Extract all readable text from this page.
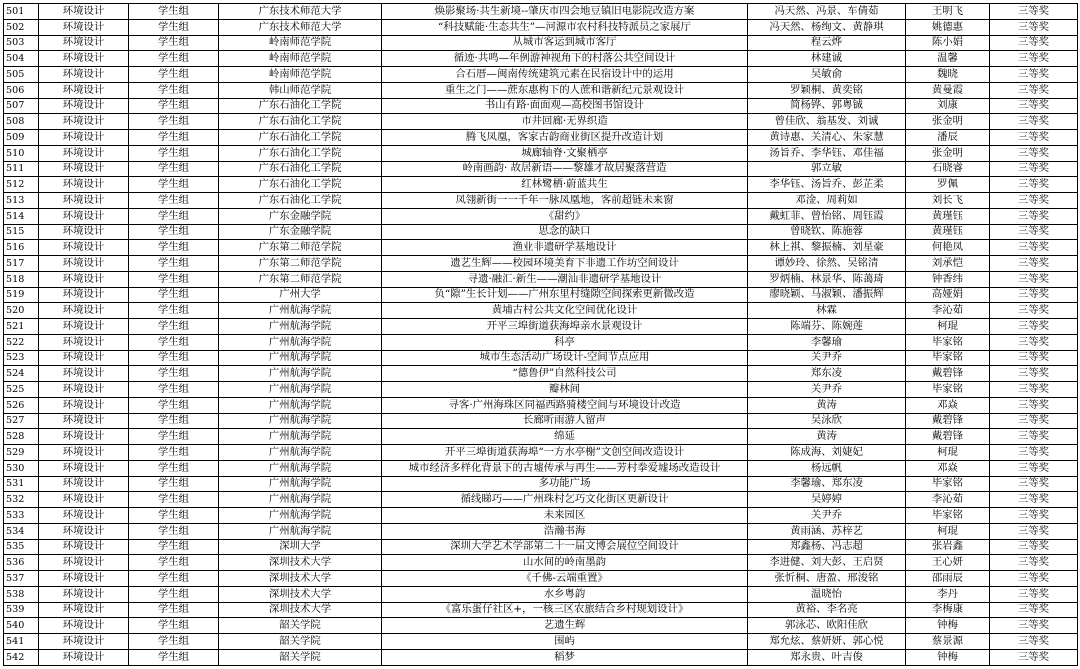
501	环境设计	学生组	广东技术师范大学	焕影聚场·共生新境--肇庆市四会地豆镇旧电影院改造方案	冯天然、冯景、车倩茹	王明飞	三等奖
502	环境设计	学生组	广东技术师范大学	“科技赋能·生态共生”—河源市农村科技特派员之家展厅	冯天然、杨绚文、黄静琪	姚德惠	三等奖
503	环境设计	学生组	岭南师范学院	从城市客运到城市客厅	程云烨	陈小娟	三等奖
504	环境设计	学生组	岭南师范学院	循迹·共鸣—年例游神视角下的村落公共空间设计	林建诚	温馨	三等奖
505	环境设计	学生组	岭南师范学院	合石厝—闽南传统建筑元素在民宿设计中的运用	吴敏俞	魏晓	三等奖
506	环境设计	学生组	韩山师范学院	重生之门——蔗东惠构下的人蔗和谐新纪元景观设计	罗颖桐、黄奕铭	黄曼霞	三等奖
507	环境设计	学生组	广东石油化工学院	书山有路·面面观—高校图书馆设计	简杨铧、郭粤铖	刘康	三等奖
508	环境设计	学生组	广东石油化工学院	市井回廊·无界织造	曾佳欣、翁基发、刘诚	张金明	三等奖
509	环境设计	学生组	广东石油化工学院	腾飞凤凰，客家古韵商业街区提升改造计划	黄诗惠、关清心、朱家慧	潘辰	三等奖
510	环境设计	学生组	广东石油化工学院	城廊轴脊·文聚栖亭	汤旨乔、李华钰、邓佳福	张金明	三等奖
511	环境设计	学生组	广东石油化工学院	岭南画韵· 故居新语——黎雄才故居聚落营造	郭立敏	石晓睿	三等奖
512	环境设计	学生组	广东石油化工学院	红林鹭栖·蔚蓝共生	李华钰、汤旨乔、彭芷柔	罗佩	三等奖
513	环境设计	学生组	广东石油化工学院	凤翎新街一一千年一脉凤凰地，客前超链未来窗	邓淦、周莉如	刘长飞	三等奖
514	环境设计	学生组	广东金融学院	《甜约》	戴虹菲、曾怡铭、周钰霞	黄瑾钰	三等奖
515	环境设计	学生组	广东金融学院	思念的缺口	曾晓钦、陈施蓉	黄瑾钰	三等奖
516	环境设计	学生组	广东第二师范学院	渔业非遗研学基地设计	林上祺、黎振楠、刘星豪	何艳凤	三等奖
517	环境设计	学生组	广东第二师范学院	遗艺生辉——校园环境美育下非遗工作坊空间设计	谭妙玲、徐然、吴铭清	刘承恺	三等奖
518	环境设计	学生组	广东第二师范学院	寻遗·融汇·新生——潮汕非遗研学基地设计	罗炳楠、林景华、陈蔼琦	钟香纬	三等奖
519	环境设计	学生组	广州大学	负“隙”生长计划——广州东里村缝隙空间探索更新微改造	廖晓颖、马淑颖、潘振辉	高娅娟	三等奖
520	环境设计	学生组	广州航海学院	黄埔古村公共文化空间优化设计	林霖	李沁茹	三等奖
521	环境设计	学生组	广州航海学院	开平三埠街道获海埠亲水景观设计	陈端芬、陈婉莲	柯琨	三等奖
522	环境设计	学生组	广州航海学院	科亭	李馨瑜	毕家铭	三等奖
523	环境设计	学生组	广州航海学院	城市生态活动广场设计-空间节点应用	关尹乔	毕家铭	三等奖
524	环境设计	学生组	广州航海学院	“德鲁伊”自然科技公司	郑东凌	戴碧锋	三等奖
525	环境设计	学生组	广州航海学院	瓣林间	关尹乔	毕家铭	三等奖
526	环境设计	学生组	广州航海学院	寻客·广州海珠区同福西路骑楼空间与环境设计改造	黄涛	邓焱	三等奖
527	环境设计	学生组	广州航海学院	长廊听雨游人留声	吴泳欣	戴碧锋	三等奖
528	环境设计	学生组	广州航海学院	绵延	黄涛	戴碧锋	三等奖
529	环境设计	学生组	广州航海学院	开平三埠街道获海埠“一方水亭榭”文创空间改造设计	陈成海、刘婕妃	柯琨	三等奖
530	环境设计	学生组	广州航海学院	城市经济多样化背景下的古墟传承与再生——芳村拳爱墟场改造设计	杨远帆	邓焱	三等奖
531	环境设计	学生组	广州航海学院	多功能广场	李馨瑜、郑东凌	毕家铭	三等奖
532	环境设计	学生组	广州航海学院	循线睇巧——广州珠村乞巧文化街区更新设计	吴婷婷	李沁茹	三等奖
533	环境设计	学生组	广州航海学院	未来园区	关尹乔	毕家铭	三等奖
534	环境设计	学生组	广州航海学院	浩瀚书海	黄雨涵、苏梓艺	柯琨	三等奖
535	环境设计	学生组	深圳大学	深圳大学艺术学部第二十一届文博会展位空间设计	郑鑫杨、冯志超	张岩鑫	三等奖
536	环境设计	学生组	深圳技术大学	山水间的岭南墨韵	李进健、刘大彭、王启贤	王心妍	三等奖
537	环境设计	学生组	深圳技术大学	《千佛-云端重置》	张忻桐、唐盈、邢浚铭	邵雨辰	三等奖
538	环境设计	学生组	深圳技术大学	水乡粤韵	温晓怡	李丹	三等奖
539	环境设计	学生组	深圳技术大学	《富乐蛋仔社区+，一核三区农旅结合乡村规划设计》	黄裕、李名亮	李梅康	三等奖
540	环境设计	学生组	韶关学院	艺遗生辉	郭泳芯、欧阳佳欣	钟梅	三等奖
541	环境设计	学生组	韶关学院	围屿	郑允炫、蔡妍妍、郭心悦	蔡景源	三等奖
542	环境设计	学生组	韶关学院	稻梦	郑永贵、叶吉俊	钟梅	三等奖
